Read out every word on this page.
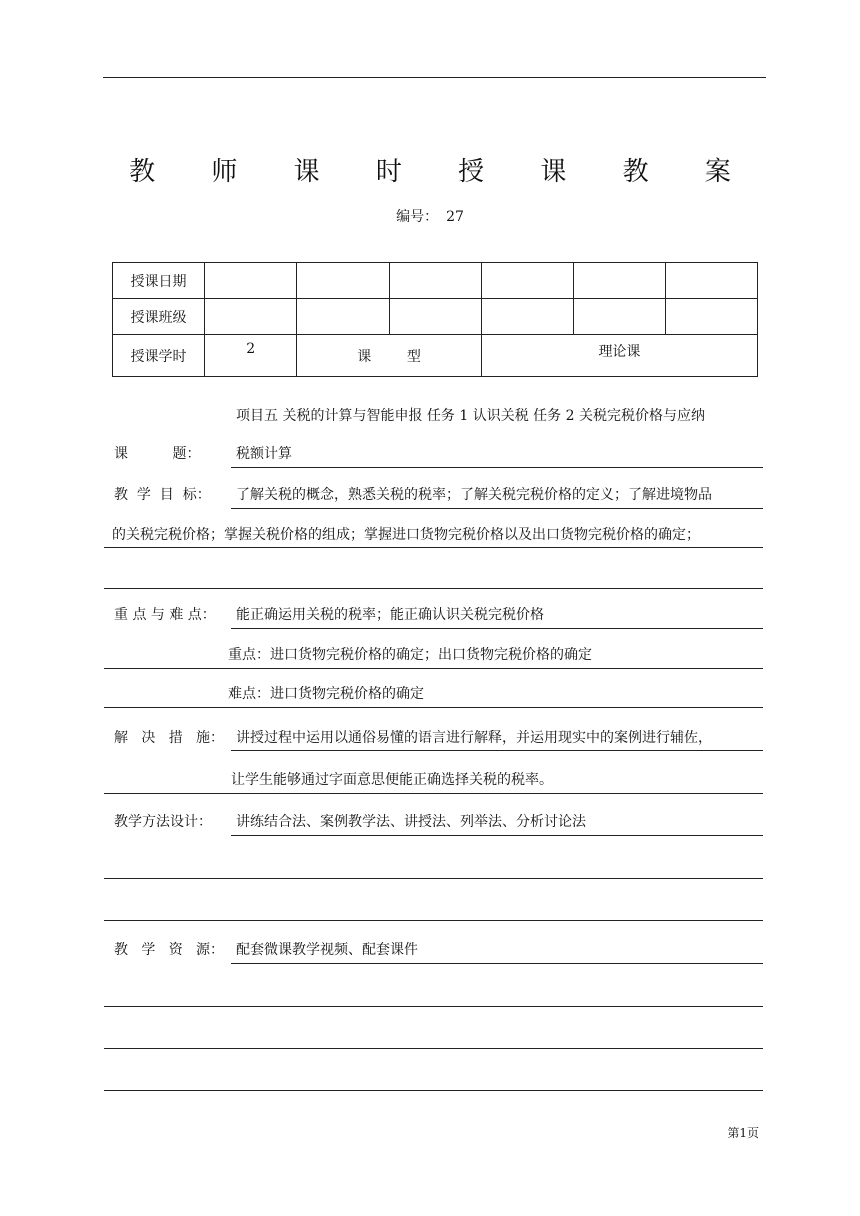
教 师 课 时 授 课 教 案
编号： 27
授课日期						
授课班级						
授课学时	2	课        型		理论课		
项目五 关税的计算与智能申报 任务 1 认识关税 任务 2 关税完税价格与应纳
课          题：	税额计算
教  学  目  标： 了解关税的概念，熟悉关税的税率；了解关税完税价格的定义；了解进境物品
的关税完税价格；掌握关税价格的组成；掌握进口货物完税价格以及出口货物完税价格的确定；
重 点 与 难 点： 能正确运用关税的税率；能正确认识关税完税价格
重点：进口货物完税价格的确定；出口货物完税价格的确定
难点：进口货物完税价格的确定
解   决   措   施： 讲授过程中运用以通俗易懂的语言进行解释，并运用现实中的案例进行辅佐，
让学生能够通过字面意思便能正确选择关税的税率。
教学方法设计： 讲练结合法、案例教学法、讲授法、列举法、分析讨论法
教   学   资   源： 配套微课教学视频、配套课件
第1页
